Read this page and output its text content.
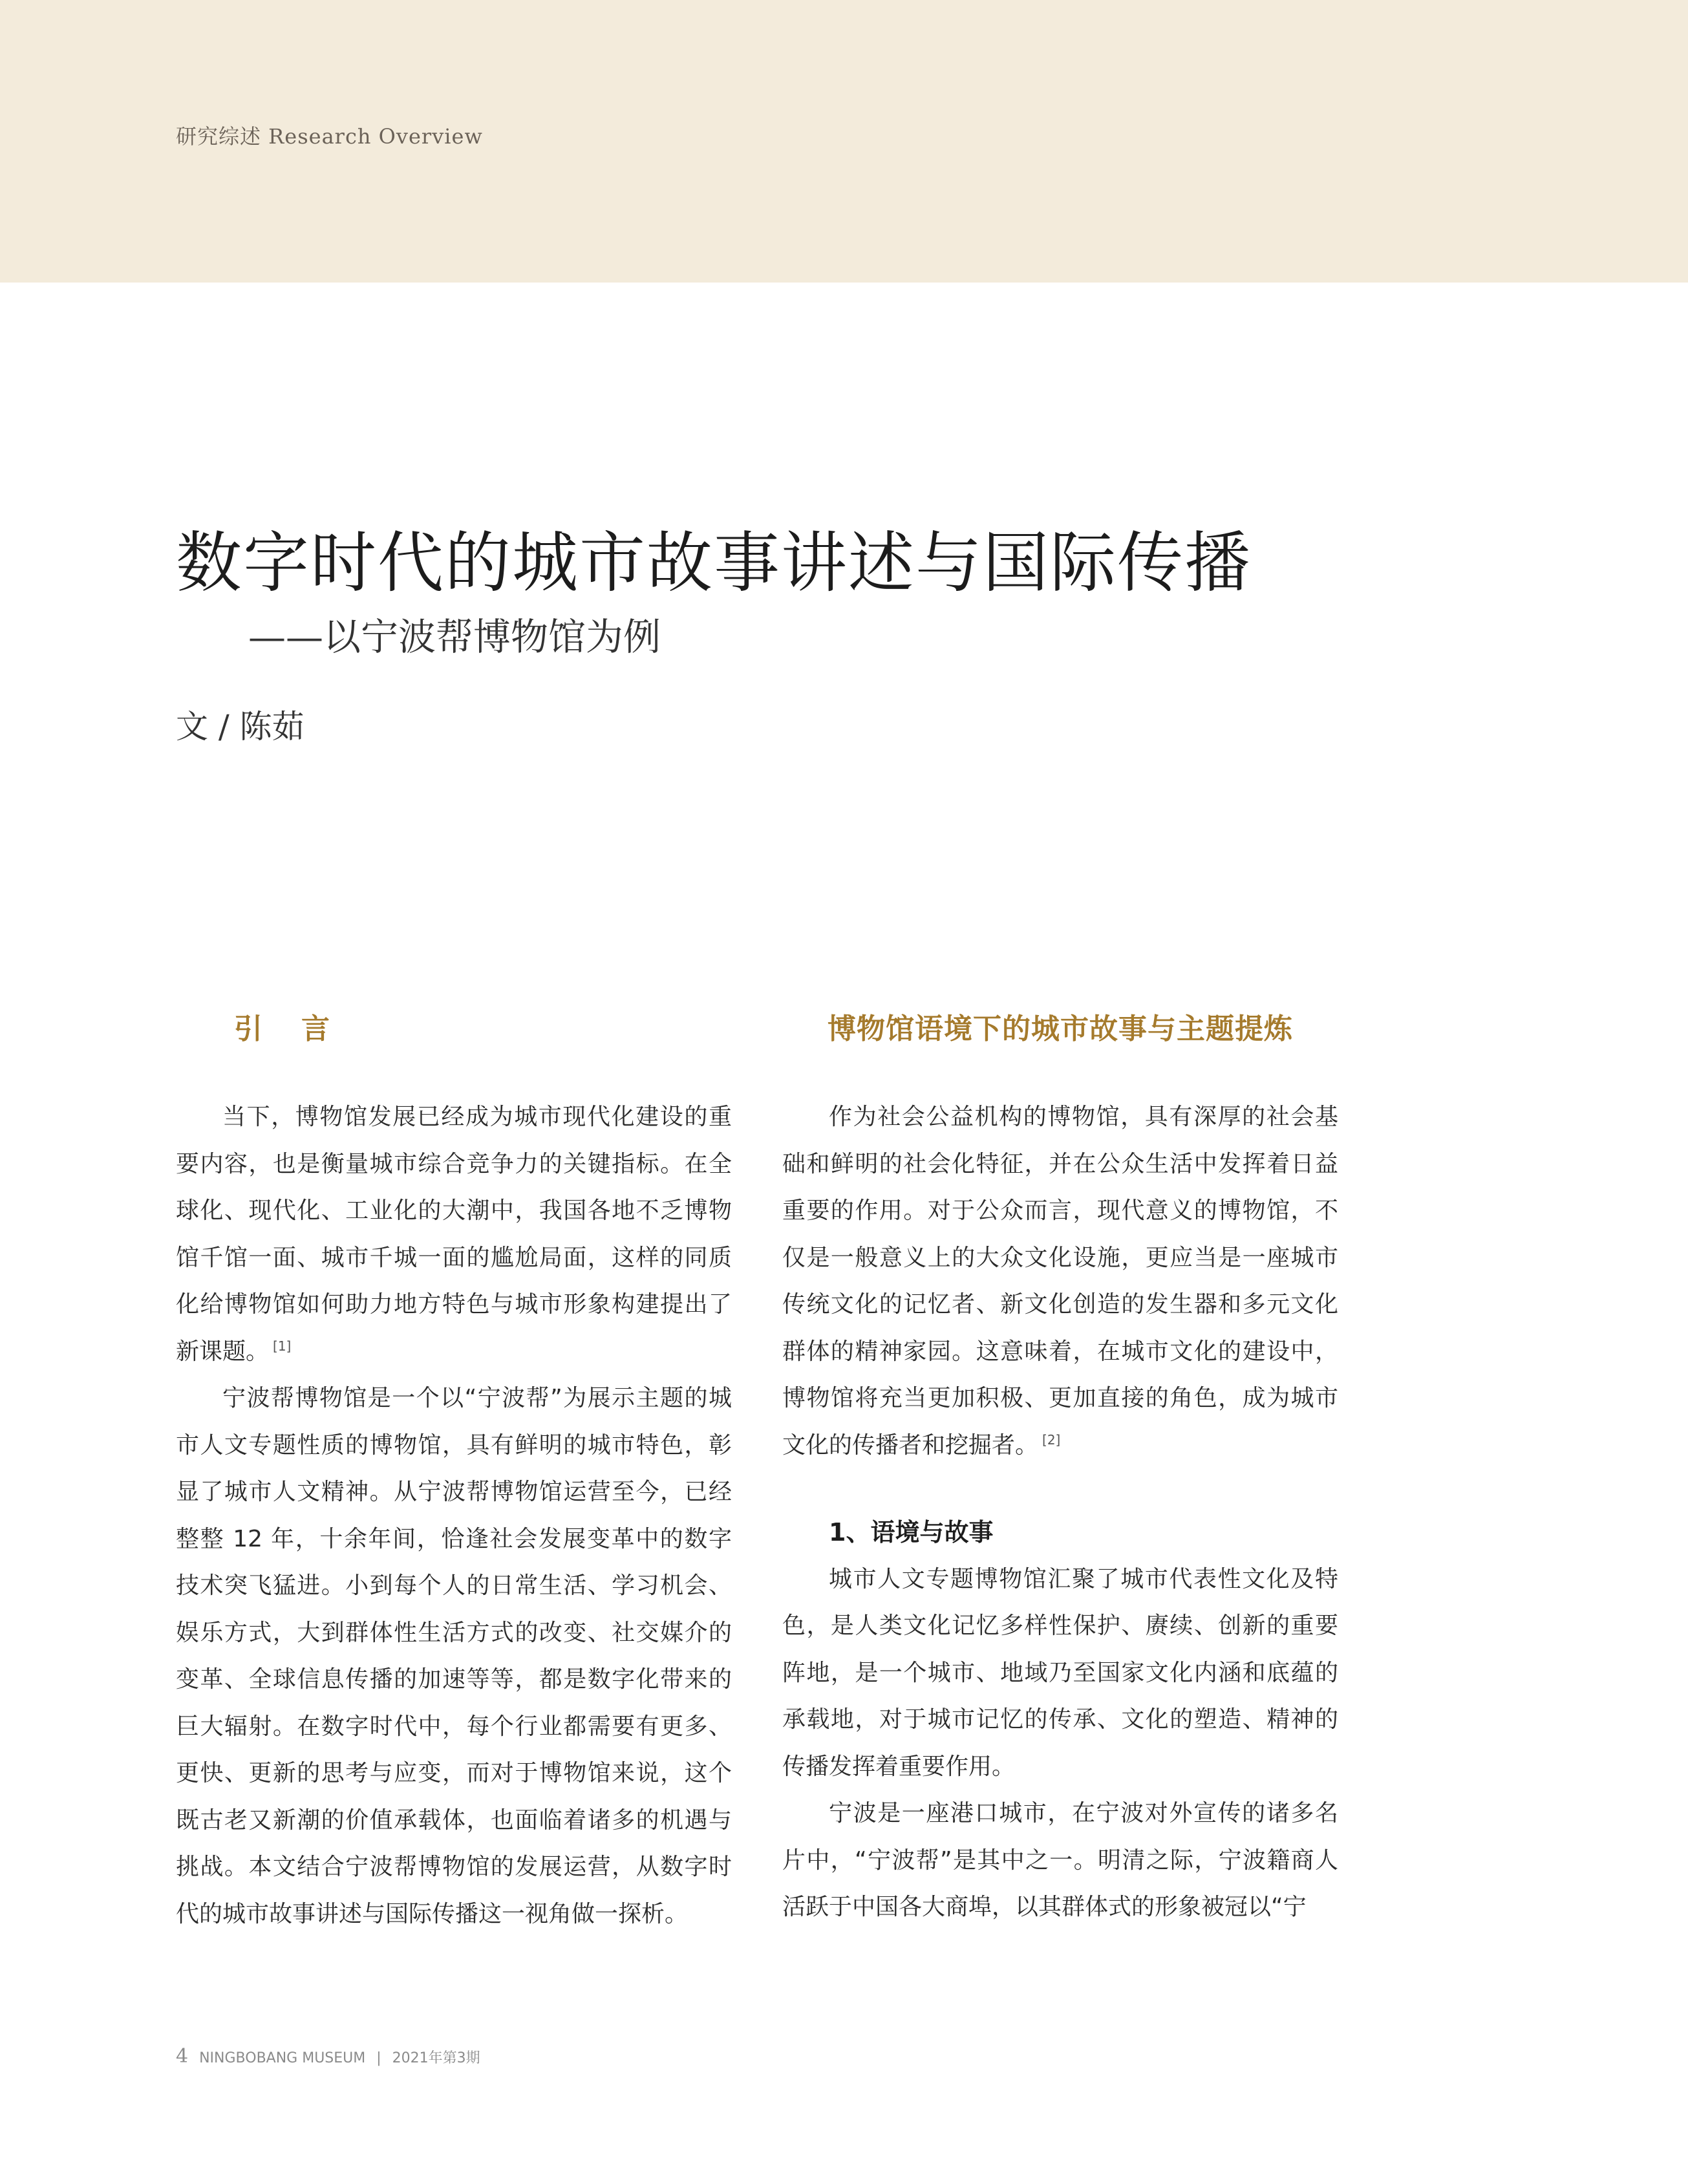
研究综述 Research Overview
数字时代的城市故事讲述与国际传播
——以宁波帮博物馆为例
文 / 陈茹
引言

当下，博物馆发展已经成为城市现代化建设的重要内容，也是衡量城市综合竞争力的关键指标。在全球化、现代化、工业化的大潮中，我国各地不乏博物馆千馆一面、城市千城一面的尴尬局面，这样的同质化给博物馆如何助力地方特色与城市形象构建提出了新课题。 [1]

宁波帮博物馆是一个以“宁波帮”为展示主题的城市人文专题性质的博物馆，具有鲜明的城市特色，彰显了城市人文精神。从宁波帮博物馆运营至今，已经整整 12 年，十余年间，恰逢社会发展变革中的数字技术突飞猛进。小到每个人的日常生活、学习机会、娱乐方式，大到群体性生活方式的改变、社交媒介的变革、全球信息传播的加速等等，都是数字化带来的巨大辐射。在数字时代中，每个行业都需要有更多、更快、更新的思考与应变，而对于博物馆来说，这个既古老又新潮的价值承载体，也面临着诸多的机遇与挑战。本文结合宁波帮博物馆的发展运营，从数字时代的城市故事讲述与国际传播这一视角做一探析。

博物馆语境下的城市故事与主题提炼

作为社会公益机构的博物馆，具有深厚的社会基础和鲜明的社会化特征，并在公众生活中发挥着日益重要的作用。对于公众而言，现代意义的博物馆，不仅是一般意义上的大众文化设施，更应当是一座城市传统文化的记忆者、新文化创造的发生器和多元文化群体的精神家园。这意味着，在城市文化的建设中，博物馆将充当更加积极、更加直接的角色，成为城市文化的传播者和挖掘者。 [2]

1、语境与故事

城市人文专题博物馆汇聚了城市代表性文化及特色，是人类文化记忆多样性保护、赓续、创新的重要阵地，是一个城市、地域乃至国家文化内涵和底蕴的承载地，对于城市记忆的传承、文化的塑造、精神的传播发挥着重要作用。

宁波是一座港口城市，在宁波对外宣传的诸多名片中，“宁波帮”是其中之一。明清之际，宁波籍商人活跃于中国各大商埠，以其群体式的形象被冠以“宁

4 NINGBOBANG MUSEUM | 2021年第3期
